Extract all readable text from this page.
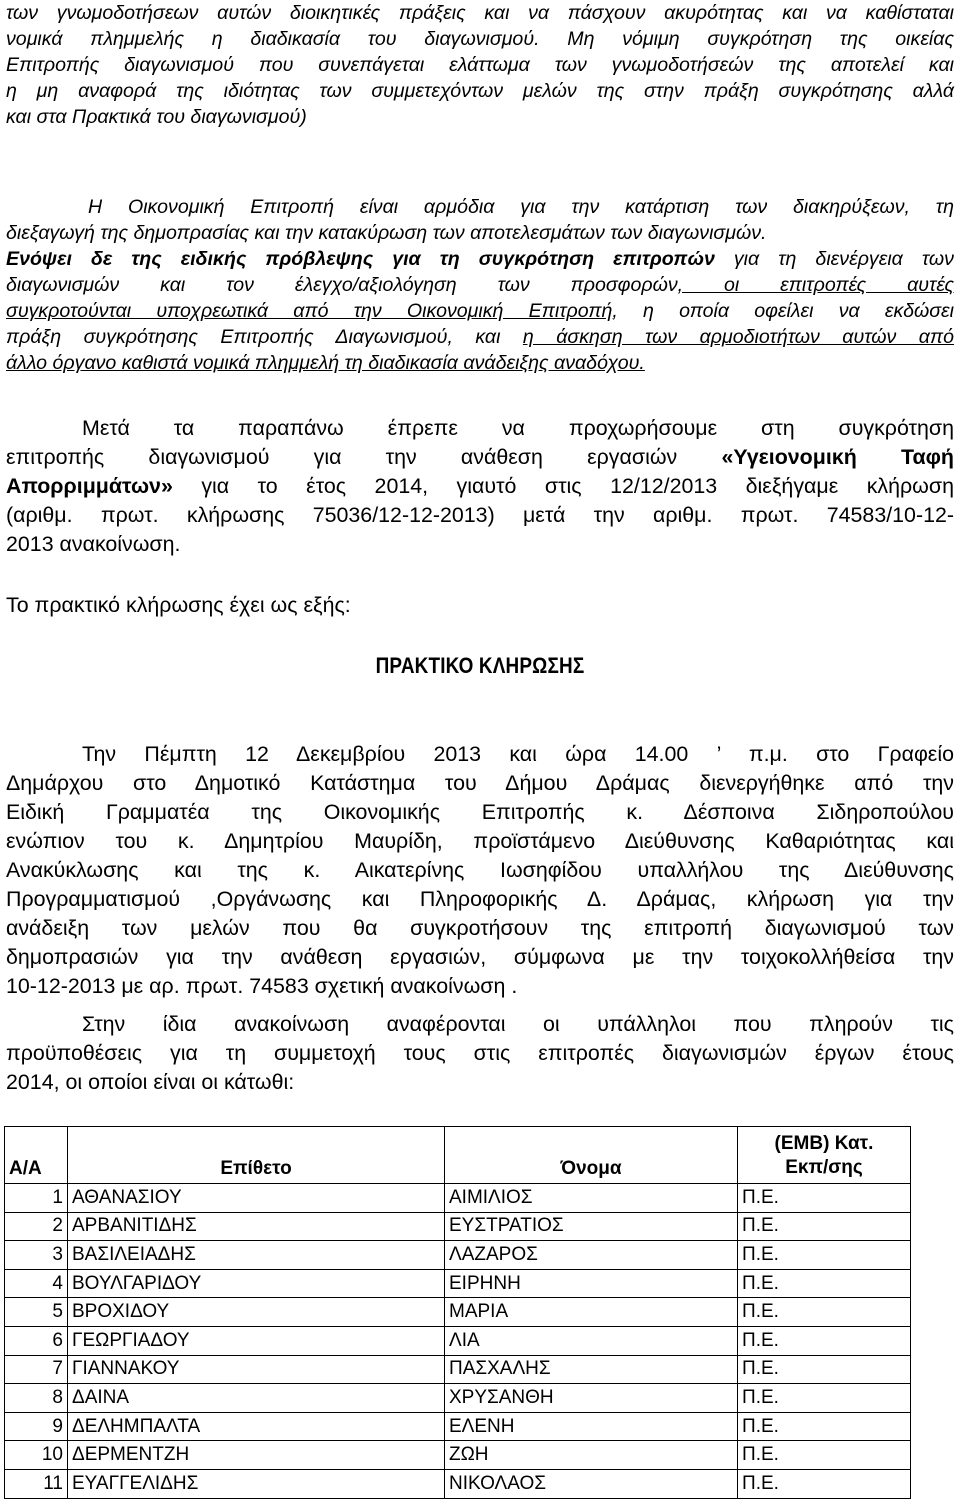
των γνωμοδοτήσεων αυτών διοικητικές πράξεις και να πάσχουν ακυρότητας και να καθίσταται
νομικά πλημμελής η διαδικασία του διαγωνισμού. Μη νόμιμη συγκρότηση της οικείας
Επιτροπής διαγωνισμού που συνεπάγεται ελάττωμα των γνωμοδοτήσεών της αποτελεί και
η μη αναφορά της ιδιότητας των συμμετεχόντων μελών της στην πράξη συγκρότησης αλλά
και στα Πρακτικά του διαγωνισμού)

Η Οικονομική Επιτροπή είναι αρμόδια για την κατάρτιση των διακηρύξεων, τη
διεξαγωγή της δημοπρασίας και την κατακύρωση των αποτελεσμάτων των διαγωνισμών.
Ενόψει δε της ειδικής πρόβλεψης για τη συγκρότηση επιτροπών για τη διενέργεια των
διαγωνισμών και τον έλεγχο/αξιολόγηση των προσφορών, οι επιτροπές αυτές
συγκροτούνται υποχρεωτικά από την Οικονομική Επιτροπή, η οποία οφείλει να εκδώσει
πράξη συγκρότησης Επιτροπής Διαγωνισμού, και η άσκηση των αρμοδιοτήτων αυτών από
άλλο όργανο καθιστά νομικά πλημμελή τη διαδικασία ανάδειξης αναδόχου.

Μετά τα παραπάνω έπρεπε να προχωρήσουμε στη συγκρότηση
επιτροπής διαγωνισμού για την ανάθεση εργασιών «Υγειονομική Ταφή
Απορριμμάτων» για το έτος 2014, γιαυτό στις 12/12/2013 διεξήγαμε κλήρωση
(αριθμ. πρωτ. κλήρωσης 75036/12-12-2013) μετά την αριθμ. πρωτ. 74583/10-12-
2013 ανακοίνωση.

Το πρακτικό κλήρωσης έχει ως εξής:

ΠΡΑΚΤΙΚΟ ΚΛΗΡΩΣΗΣ

Την Πέμπτη 12 Δεκεμβρίου 2013 και ώρα 14.00 ’ π.μ. στο Γραφείο
Δημάρχου στο Δημοτικό Κατάστημα του Δήμου Δράμας διενεργήθηκε από την
Ειδική Γραμματέα της Οικονομικής Επιτροπής κ. Δέσποινα Σιδηροπούλου
ενώπιον του κ. Δημητρίου Μαυρίδη, προϊστάμενο Διεύθυνσης Καθαριότητας και
Ανακύκλωσης και της κ. Αικατερίνης Ιωσηφίδου υπαλλήλου της Διεύθυνσης
Προγραμματισμού ,Οργάνωσης και Πληροφορικής Δ. Δράμας, κλήρωση για την
ανάδειξη των μελών που θα συγκροτήσουν της επιτροπή διαγωνισμού των
δημοπρασιών για την ανάθεση εργασιών, σύμφωνα με την τοιχοκολλήθείσα την
10-12-2013 με αρ. πρωτ. 74583 σχετική ανακοίνωση .

Στην ίδια ανακοίνωση αναφέρονται οι υπάλληλοι που πληρούν τις
προϋποθέσεις για τη συμμετοχή τους στις επιτροπές διαγωνισμών έργων έτους
2014, οι οποίοι είναι οι κάτωθι:

Α/Α	Επίθετο	Όνομα	(ΕΜΒ) Κατ.
Εκπ/σης

1	ΑΘΑΝΑΣΙΟΥ	ΑΙΜΙΛΙΟΣ	Π.Ε.
2	ΑΡΒΑΝΙΤΙΔΗΣ	ΕΥΣΤΡΑΤΙΟΣ	Π.Ε.
3	ΒΑΣΙΛΕΙΑΔΗΣ	ΛΑΖΑΡΟΣ	Π.Ε.
4	ΒΟΥΛΓΑΡΙΔΟΥ	ΕΙΡΗΝΗ	Π.Ε.
5	ΒΡΟΧΙΔΟΥ	ΜΑΡΙΑ	Π.Ε.
6	ΓΕΩΡΓΙΑΔΟΥ	ΛΙΑ	Π.Ε.
7	ΓΙΑΝΝΑΚΟΥ	ΠΑΣΧΑΛΗΣ	Π.Ε.
8	ΔΑΙΝΑ	ΧΡΥΣΑΝΘΗ	Π.Ε.
9	ΔΕΛΗΜΠΑΛΤΑ	ΕΛΕΝΗ	Π.Ε.
10	ΔΕΡΜΕΝΤΖΗ	ΖΩΗ	Π.Ε.
11	ΕΥΑΓΓΕΛΙΔΗΣ	ΝΙΚΟΛΑΟΣ	Π.Ε.
